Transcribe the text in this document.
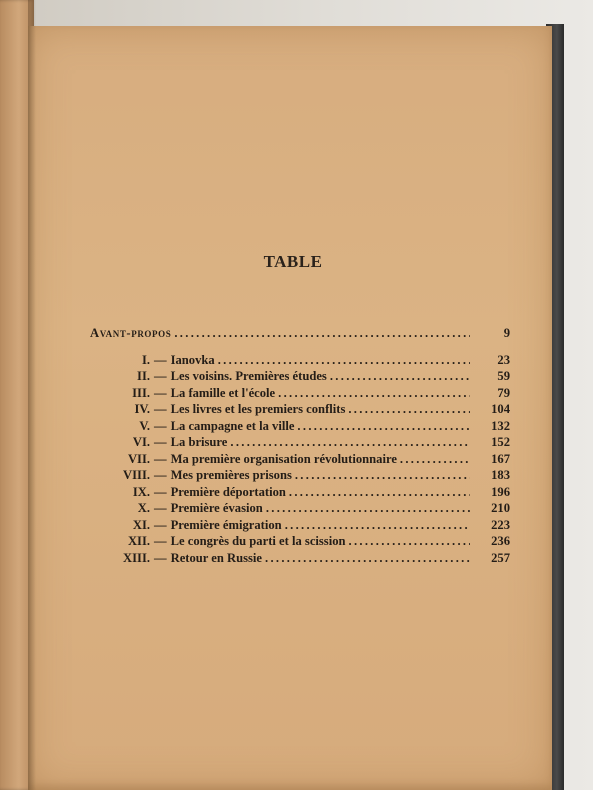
TABLE
Avant-propos .....	9
I. — Ianovka .....	23
II. — Les voisins. Premières études .....	59
III. — La famille et l'école .....	79
IV. — Les livres et les premiers conflits .....	104
V. — La campagne et la ville .....	132
VI. — La brisure .....	152
VII. — Ma première organisation révolutionnaire .....	167
VIII. — Mes premières prisons .....	183
IX. — Première déportation .....	196
X. — Première évasion .....	210
XI. — Première émigration .....	223
XII. — Le congrès du parti et la scission .....	236
XIII. — Retour en Russie .....	257
